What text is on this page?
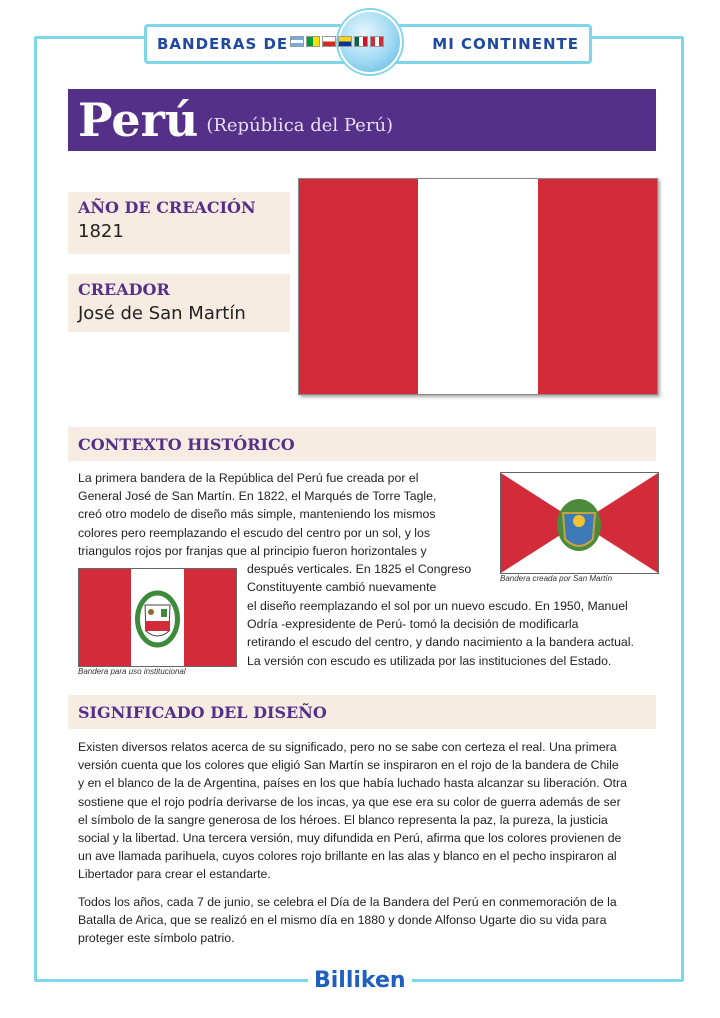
BANDERAS DE	MI CONTINENTE
Perú (República del Perú)
AÑO DE CREACIÓN
1821
CREADOR
José de San Martín
CONTEXTO HISTÓRICO
La primera bandera de la República del Perú fue creada por el
General José de San Martín. En 1822, el Marqués de Torre Tagle,
creó otro modelo de diseño más simple, manteniendo los mismos
colores pero reemplazando el escudo del centro por un sol, y los
triangulos rojos por franjas que al principio fueron horizontales y
después verticales. En 1825 el Congreso
Constituyente cambió nuevamente
el diseño reemplazando el sol por un nuevo escudo. En 1950, Manuel
Odría -expresidente de Perú- tomó la decisión de modificarla
retirando el escudo del centro, y dando nacimiento a la bandera actual.
La versión con escudo es utilizada por las instituciones del Estado.
Bandera creada por San Martín
Bandera para uso institucional
SIGNIFICADO DEL DISEÑO
Existen diversos relatos acerca de su significado, pero no se sabe con certeza el real. Una primera
versión cuenta que los colores que eligió San Martín se inspiraron en el rojo de la bandera de Chile
y en el blanco de la de Argentina, países en los que había luchado hasta alcanzar su liberación. Otra
sostiene que el rojo podría derivarse de los incas, ya que ese era su color de guerra además de ser
el símbolo de la sangre generosa de los héroes. El blanco representa la paz, la pureza, la justicia
social y la libertad. Una tercera versión, muy difundida en Perú, afirma que los colores provienen de
un ave llamada parihuela, cuyos colores rojo brillante en las alas y blanco en el pecho inspiraron al
Libertador para crear el estandarte.
Todos los años, cada 7 de junio, se celebra el Día de la Bandera del Perú en conmemoración de la
Batalla de Arica, que se realizó en el mismo día en 1880 y donde Alfonso Ugarte dio su vida para
proteger este símbolo patrio.
Billiken
